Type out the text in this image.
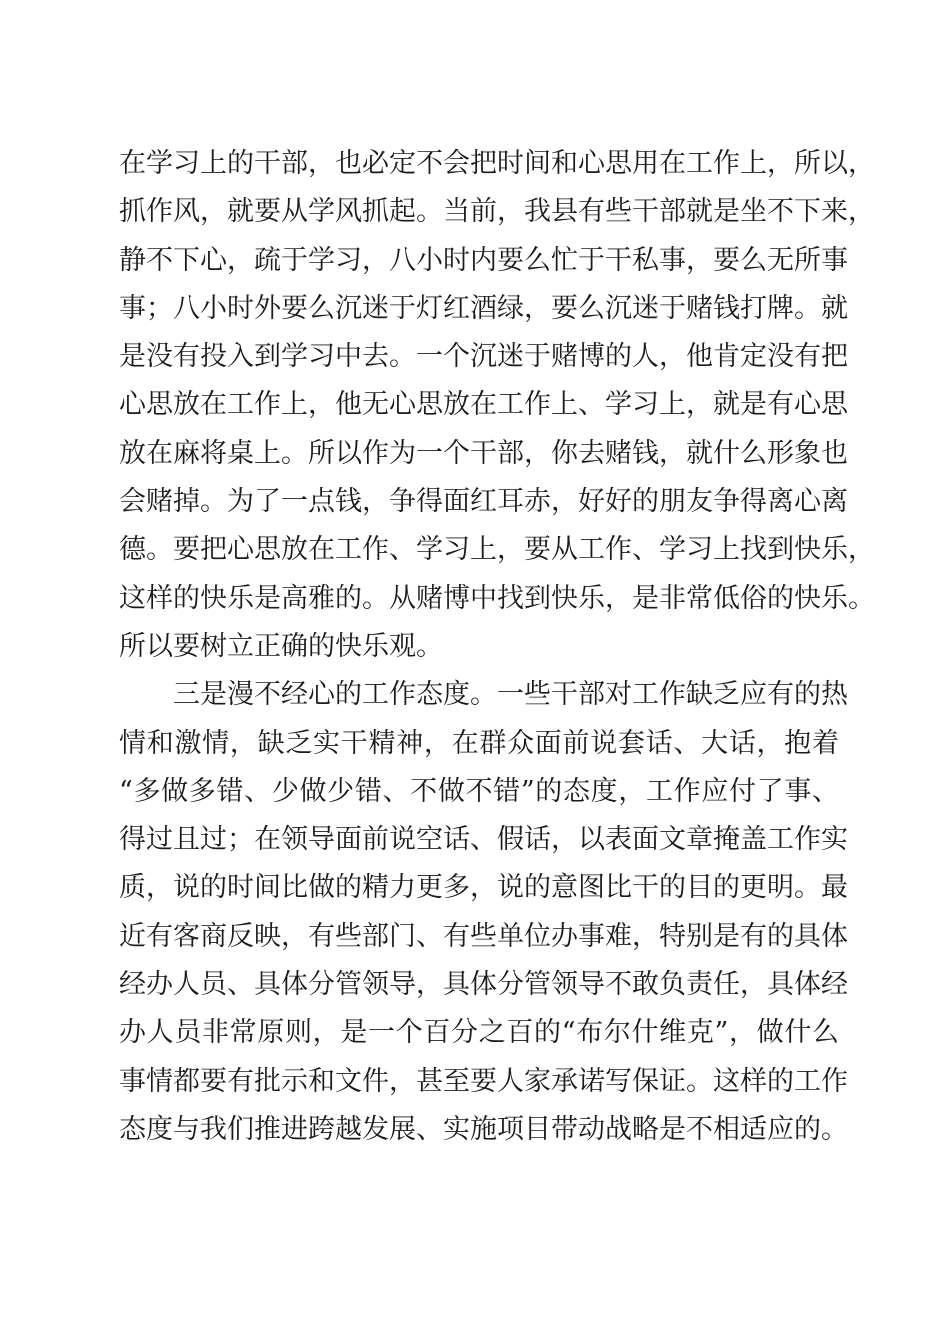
在学习上的干部，也必定不会把时间和心思用在工作上，所以，
抓作风，就要从学风抓起。当前，我县有些干部就是坐不下来，
静不下心，疏于学习，八小时内要么忙于干私事，要么无所事
事；八小时外要么沉迷于灯红酒绿，要么沉迷于赌钱打牌。就
是没有投入到学习中去。一个沉迷于赌博的人，他肯定没有把
心思放在工作上，他无心思放在工作上、学习上，就是有心思
放在麻将桌上。所以作为一个干部，你去赌钱，就什么形象也
会赌掉。为了一点钱，争得面红耳赤，好好的朋友争得离心离
德。要把心思放在工作、学习上，要从工作、学习上找到快乐，
这样的快乐是高雅的。从赌博中找到快乐，是非常低俗的快乐。
所以要树立正确的快乐观。
三是漫不经心的工作态度。一些干部对工作缺乏应有的热
情和激情，缺乏实干精神，在群众面前说套话、大话，抱着
“多做多错、少做少错、不做不错”的态度，工作应付了事、
得过且过；在领导面前说空话、假话，以表面文章掩盖工作实
质，说的时间比做的精力更多，说的意图比干的目的更明。最
近有客商反映，有些部门、有些单位办事难，特别是有的具体
经办人员、具体分管领导，具体分管领导不敢负责任，具体经
办人员非常原则，是一个百分之百的“布尔什维克”，做什么
事情都要有批示和文件，甚至要人家承诺写保证。这样的工作
态度与我们推进跨越发展、实施项目带动战略是不相适应的。
